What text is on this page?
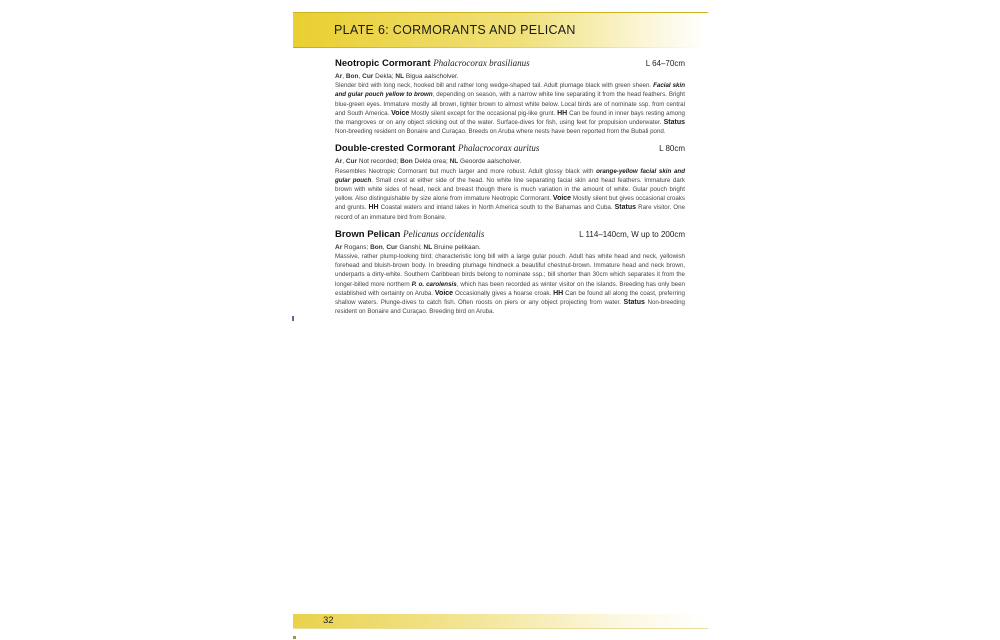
PLATE 6: CORMORANTS AND PELICAN
Neotropic Cormorant Phalacrocorax brasilianus	L 64–70cm

Ar, Bon, Cur Dekla; NL Bigua aalscholver.

Slender bird with long neck, hooked bill and rather long wedge-shaped tail. Adult plumage black with green sheen. Facial skin and gular pouch yellow to brown, depending on season, with a narrow white line separating it from the head feathers. Bright blue-green eyes. Immature mostly all brown, lighter brown to almost white below. Local birds are of nominate ssp. from central and South America. Voice Mostly silent except for the occasional pig-like grunt. HH Can be found in inner bays resting among the mangroves or on any object sticking out of the water. Surface-dives for fish, using feet for propulsion underwater. Status Non-breeding resident on Bonaire and Curaçao. Breeds on Aruba where nests have been reported from the Bubali pond.

Double-crested Cormorant Phalacrocorax auritus	L 80cm

Ar, Cur Not recorded; Bon Dekla orea; NL Geoorde aalscholver.

Resembles Neotropic Cormorant but much larger and more robust. Adult glossy black with orange-yellow facial skin and gular pouch. Small crest at either side of the head. No white line separating facial skin and head feathers. Immature dark brown with white sides of head, neck and breast though there is much variation in the amount of white. Gular pouch bright yellow. Also distinguishable by size alone from immature Neotropic Cormorant. Voice Mostly silent but gives occasional croaks and grunts. HH Coastal waters and inland lakes in North America south to the Bahamas and Cuba. Status Rare visitor. One record of an immature bird from Bonaire.

Brown Pelican Pelicanus occidentalis	L 114–140cm, W up to 200cm

Ar Rogans; Bon, Cur Ganshi; NL Bruine pelikaan.

Massive, rather plump-looking bird; characteristic long bill with a large gular pouch. Adult has white head and neck, yellowish forehead and bluish-brown body. In breeding plumage hindneck a beautiful chestnut-brown. Immature head and neck brown, underparts a dirty-white. Southern Caribbean birds belong to nominate ssp.; bill shorter than 30cm which separates it from the longer-billed more northern P. o. carolensis, which has been recorded as winter visitor on the islands. Breeding has only been established with certainty on Aruba. Voice Occasionally gives a hoarse croak. HH Can be found all along the coast, preferring shallow waters. Plunge-dives to catch fish. Often roosts on piers or any object projecting from water. Status Non-breeding resident on Bonaire and Curaçao. Breeding bird on Aruba.

32
